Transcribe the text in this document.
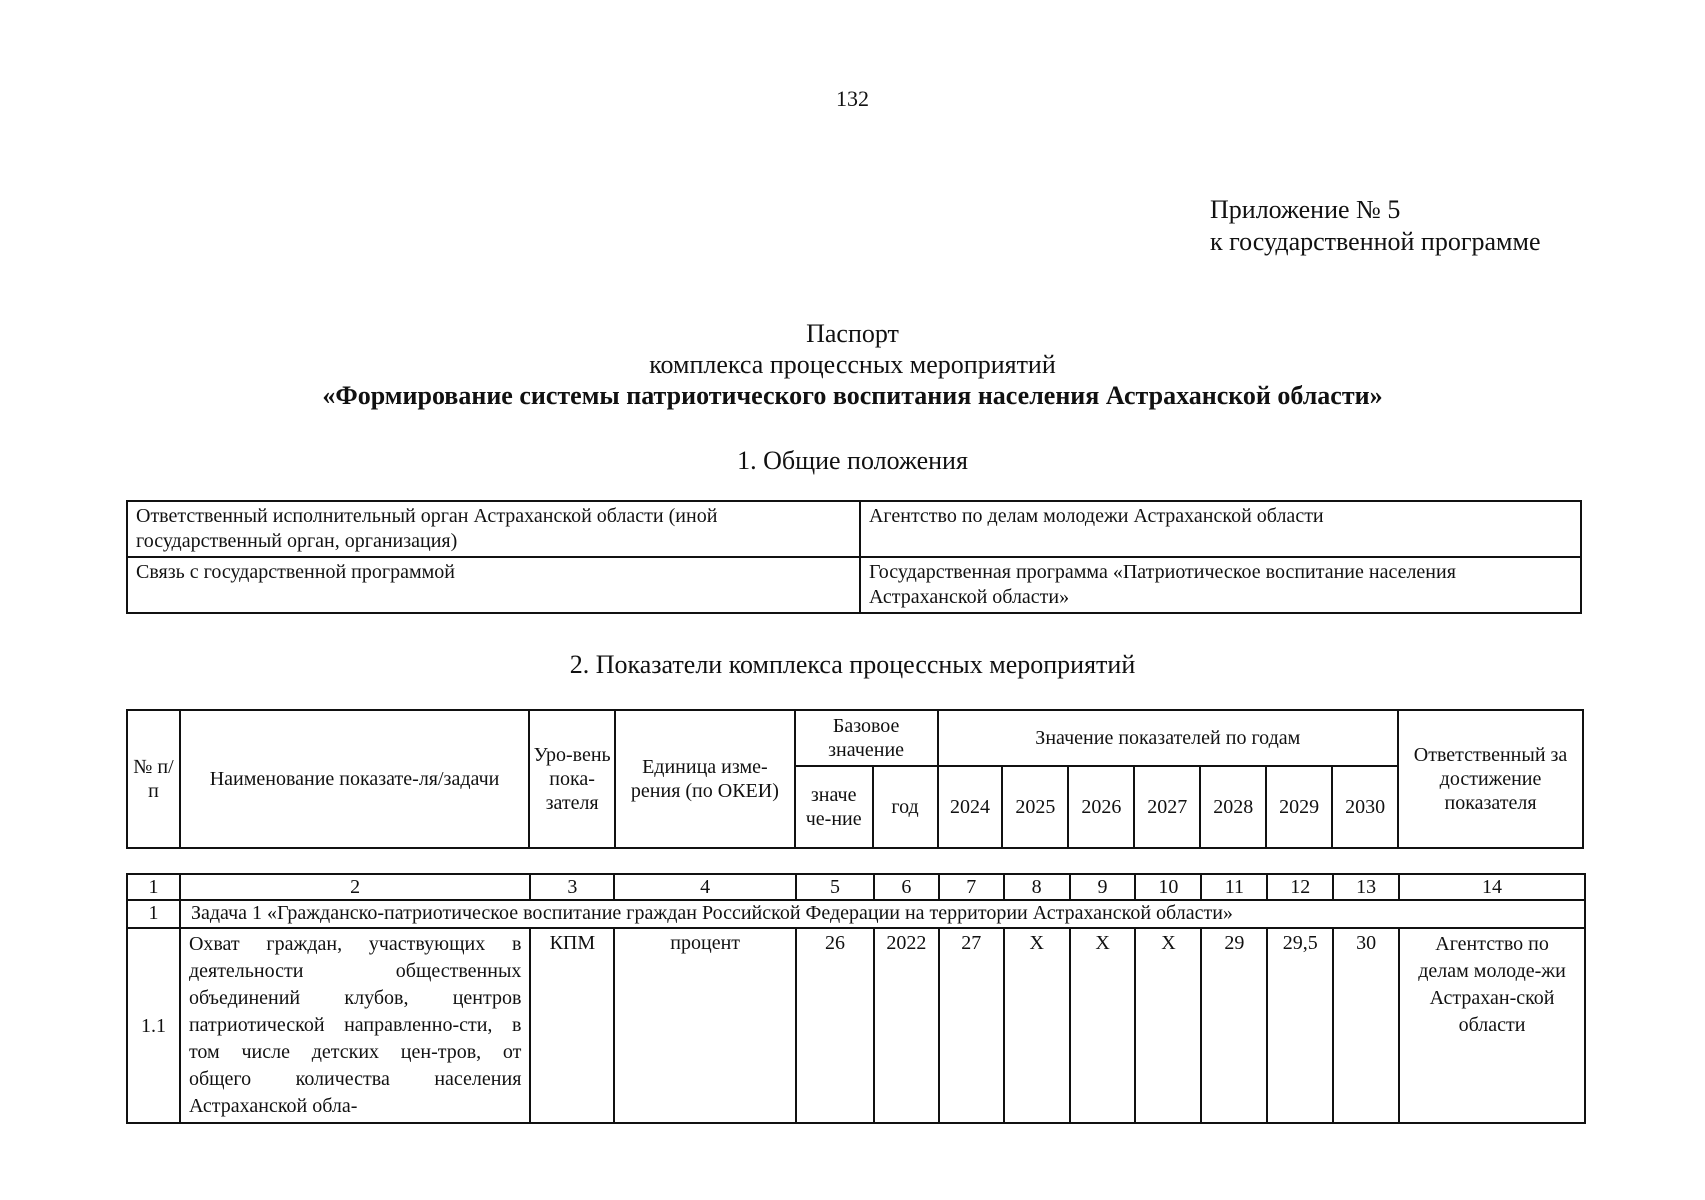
132
Приложение № 5
к государственной программе
Паспорт
комплекса процессных мероприятий
«Формирование системы патриотического воспитания населения Астраханской области»
1. Общие положения
Ответственный исполнительный орган Астраханской области (иной государственный орган, организация)	Агентство по делам молодежи Астраханской области
Связь с государственной программой	Государственная программа «Патриотическое воспитание населения Астраханской области»
2. Показатели комплекса процессных мероприятий
№ п/п	Наименование показате-ля/задачи	Уро-вень пока-зателя	Единица изме-рения (по ОКЕИ)	Базовое значение		Значение показателей по годам							Ответственный за достижение показателя
				значе че-ние	год	2024	2025	2026	2027	2028	2029	2030	
1	2	3	4	5	6	7	8	9	10	11	12	13	14
1	Задача 1 «Гражданско-патриотическое воспитание граждан Российской Федерации на территории Астраханской области»												
1.1	Охват граждан, участвующих в деятельности общественных объединений клубов, центров патриотической направленно-сти, в том числе детских цен-тров, от общего количества населения Астраханской обла-	КПМ	процент	26	2022	27	Х	Х	Х	29	29,5	30	Агентство по делам молоде-жи Астрахан-ской области
